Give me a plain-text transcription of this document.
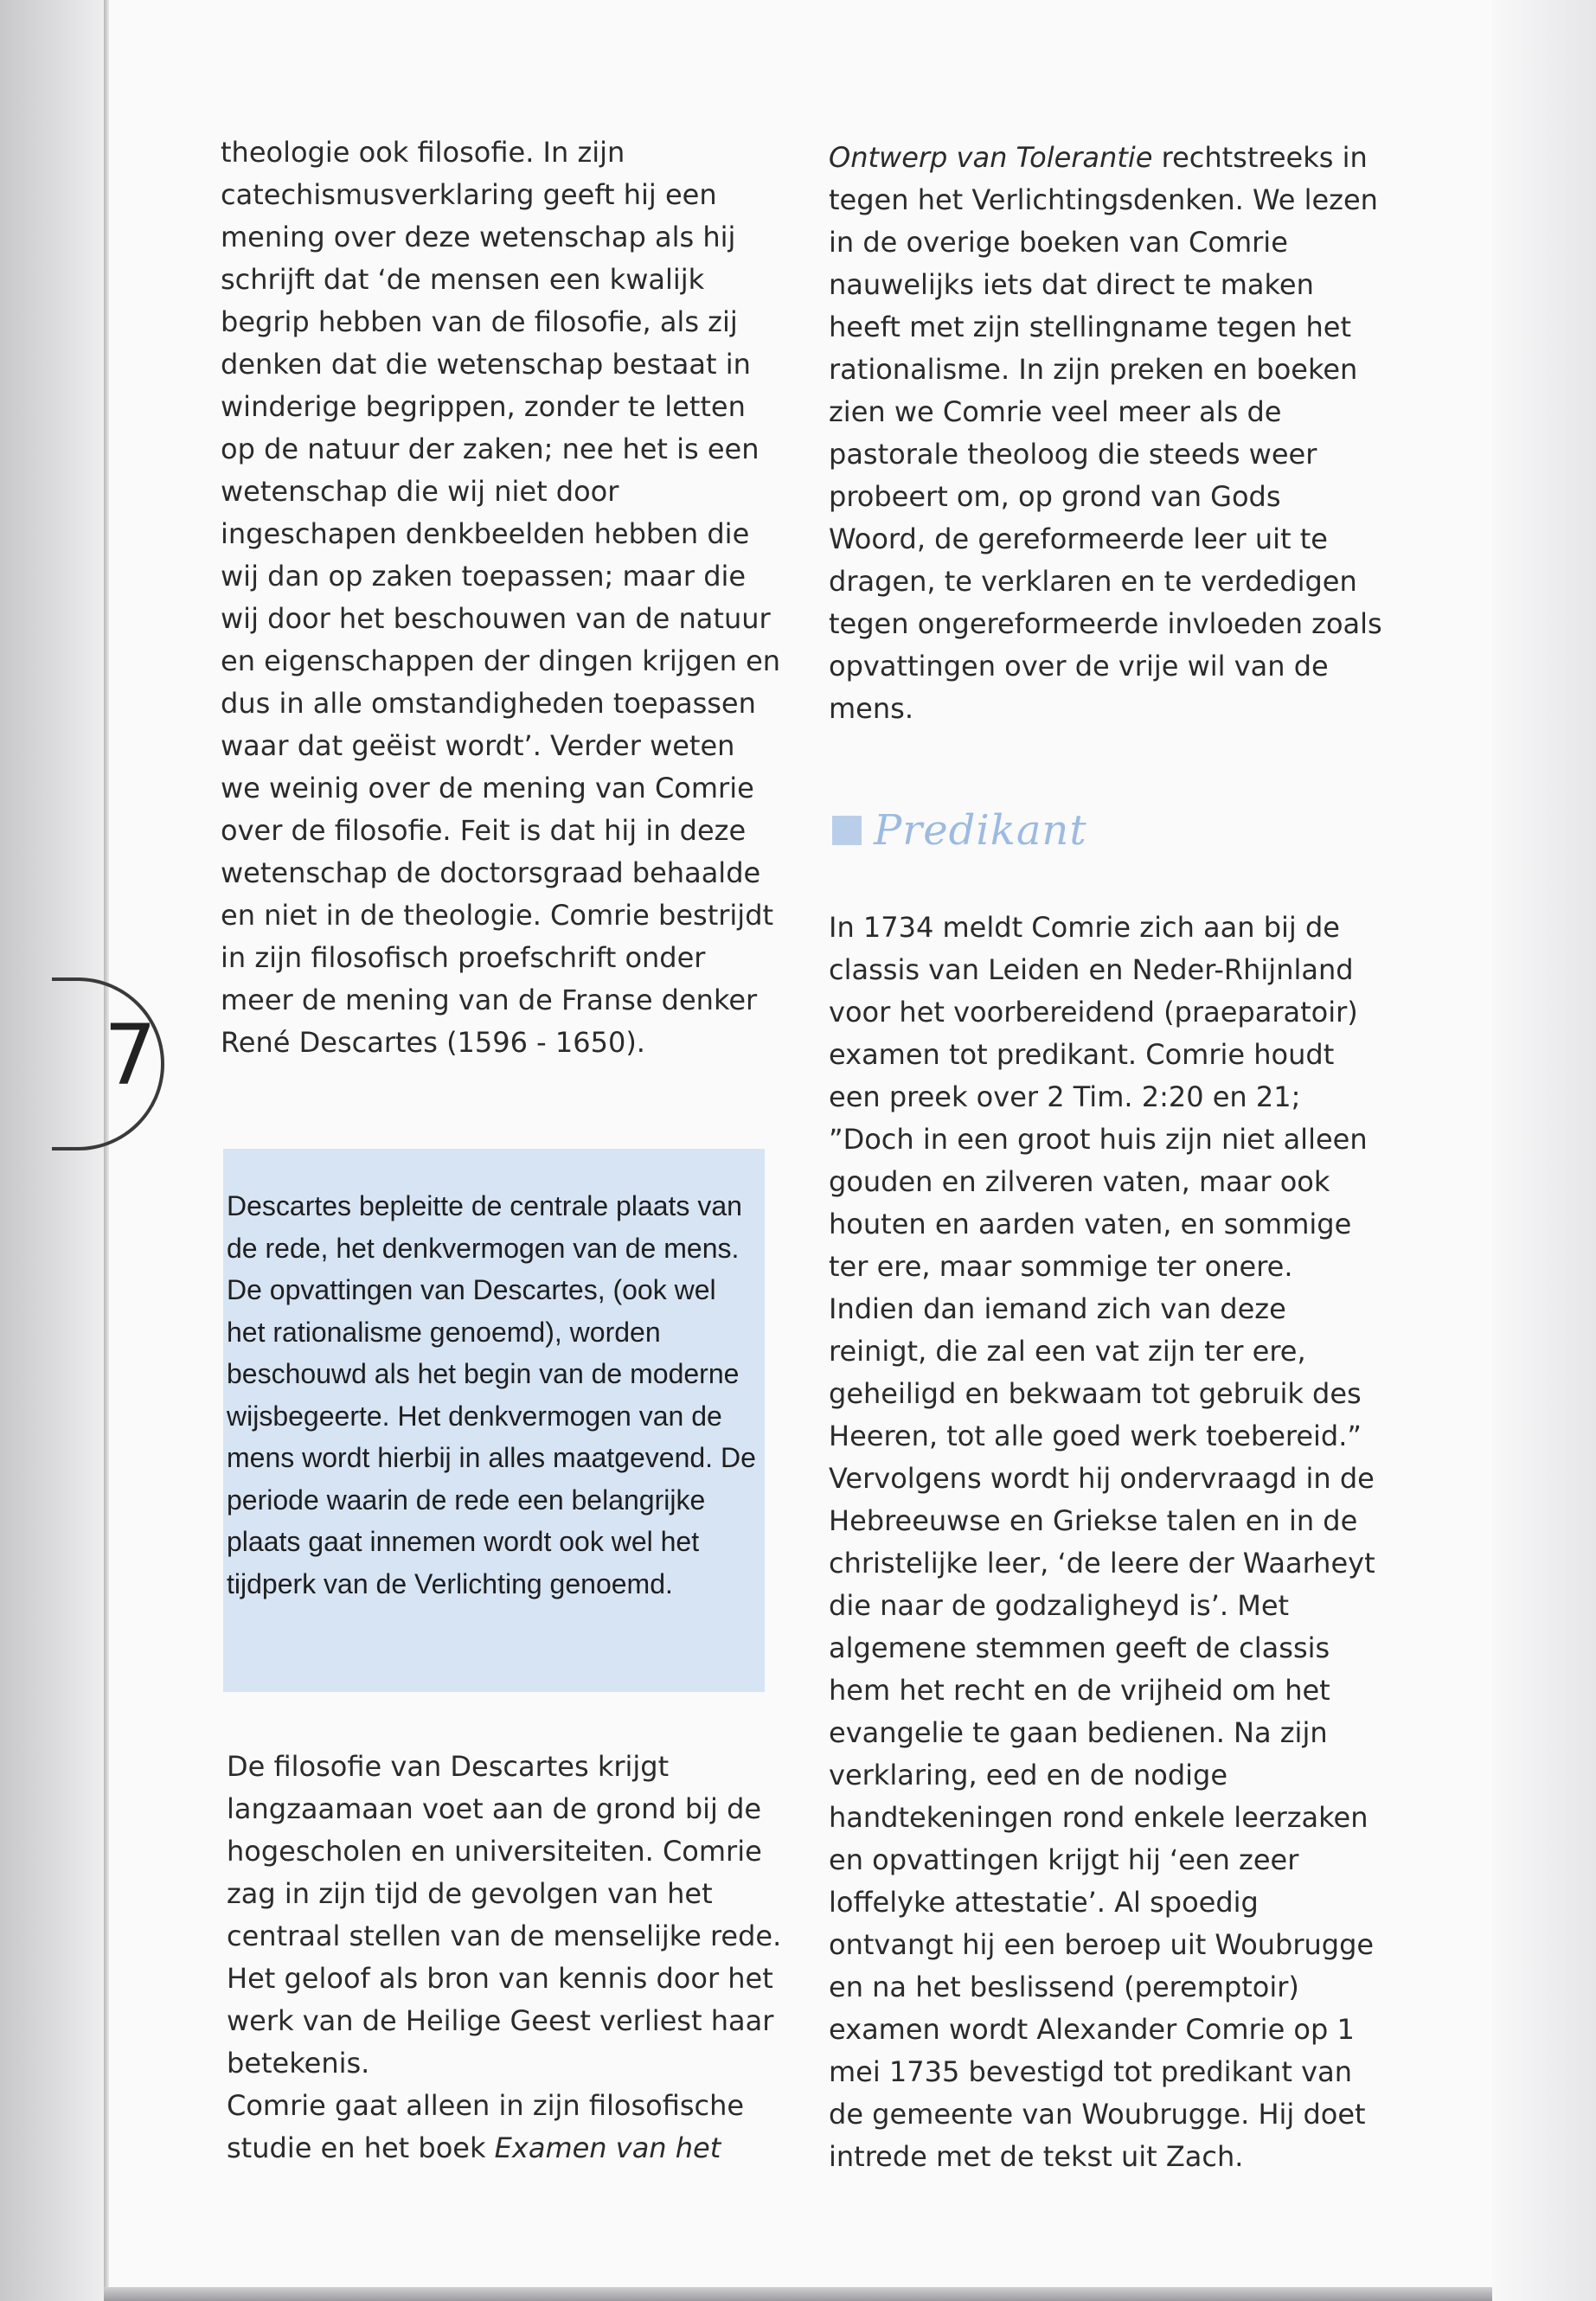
7

theologie ook filosofie. In zijn catechismusverklaring geeft hij een mening over deze wetenschap als hij schrijft dat ‘de mensen een kwalijk begrip hebben van de filosofie, als zij denken dat die wetenschap bestaat in winderige begrippen, zonder te letten op de natuur der zaken; nee het is een wetenschap die wij niet door ingeschapen denkbeelden hebben die wij dan op zaken toepassen; maar die wij door het beschouwen van de natuur en eigenschappen der dingen krijgen en dus in alle omstandigheden toepassen waar dat geëist wordt’. Verder weten we weinig over de mening van Comrie over de filosofie. Feit is dat hij in deze wetenschap de doctorsgraad behaalde en niet in de theologie. Comrie bestrijdt in zijn filosofisch proefschrift onder meer de mening van de Franse denker René Descartes (1596 - 1650).

Descartes bepleitte de centrale plaats van de rede, het denkvermogen van de mens. De opvattingen van Descartes, (ook wel het rationalisme genoemd), worden beschouwd als het begin van de moderne wijsbegeerte. Het denkvermogen van de mens wordt hierbij in alles maatgevend. De periode waarin de rede een belangrijke plaats gaat innemen wordt ook wel het tijdperk van de Verlichting genoemd.

De filosofie van Descartes krijgt langzaamaan voet aan de grond bij de hogescholen en universiteiten. Comrie zag in zijn tijd de gevolgen van het centraal stellen van de menselijke rede. Het geloof als bron van kennis door het werk van de Heilige Geest verliest haar betekenis.

Comrie gaat alleen in zijn filosofische studie en het boek Examen van het

Ontwerp van Tolerantie rechtstreeks in tegen het Verlichtingsdenken. We lezen in de overige boeken van Comrie nauwelijks iets dat direct te maken heeft met zijn stellingname tegen het rationalisme. In zijn preken en boeken zien we Comrie veel meer als de pastorale theoloog die steeds weer probeert om, op grond van Gods Woord, de gereformeerde leer uit te dragen, te verklaren en te verdedigen tegen ongereformeerde invloeden zoals opvattingen over de vrije wil van de mens.

Predikant

In 1734 meldt Comrie zich aan bij de classis van Leiden en Neder-Rhijnland voor het voorbereidend (praeparatoir) examen tot predikant. Comrie houdt een preek over 2 Tim. 2:20 en 21; ”Doch in een groot huis zijn niet alleen gouden en zilveren vaten, maar ook houten en aarden vaten, en sommige ter ere, maar sommige ter onere. Indien dan iemand zich van deze reinigt, die zal een vat zijn ter ere, geheiligd en bekwaam tot gebruik des Heeren, tot alle goed werk toebereid.” Vervolgens wordt hij ondervraagd in de Hebreeuwse en Griekse talen en in de christelijke leer, ‘de leere der Waarheyt die naar de godzaligheyd is’. Met algemene stemmen geeft de classis hem het recht en de vrijheid om het evangelie te gaan bedienen. Na zijn verklaring, eed en de nodige handtekeningen rond enkele leerzaken en opvattingen krijgt hij ‘een zeer loffelyke attestatie’. Al spoedig ontvangt hij een beroep uit Woubrugge en na het beslissend (peremptoir) examen wordt Alexander Comrie op 1 mei 1735 bevestigd tot predikant van de gemeente van Woubrugge. Hij doet intrede met de tekst uit Zach.
